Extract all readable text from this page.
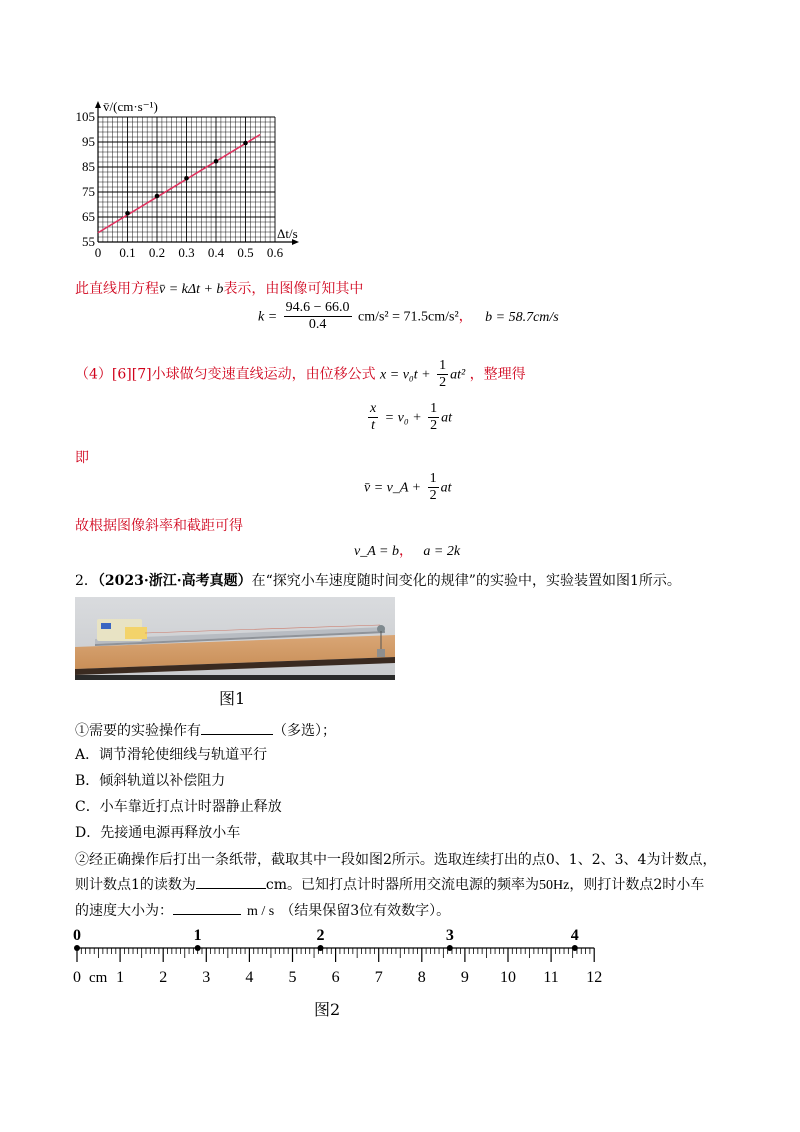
v̄/(cm·s⁻¹)
Δt/s
0 0.1 0.2 0.3 0.4 0.5 0.6
55
65
75
85
95
105
此直线用方程v̄ = kΔt + b表示，由图像可知其中
$k = \frac{94.6 - 66.0}{0.4} cm/s^2 = 71.5cm/s^2$， b = 58.7cm/s
（4）[6][7]小球做匀变速直线运动，由位移公式 $x = v_0t + \frac{1}{2} at^2$ ，整理得
$\frac{x}{t} = v_0 + \frac{1}{2}$ at
即
v̄ = v_A + $\frac{1}{2}$ at
故根据图像斜率和截距可得
v_A = b， a = 2k
2．（2023·浙江·高考真题）在“探究小车速度随时间变化的规律”的实验中，实验装置如图1所示。
图1
①需要的实验操作有	（多选）；
A．调节滑轮使细线与轨道平行
B．倾斜轨道以补偿阻力
C．小车靠近打点计时器静止释放
D．先接通电源再释放小车
②经正确操作后打出一条纸带，截取其中一段如图2所示。选取连续打出的点0、1、2、3、4为计数点，
则计数点1的读数为	cm。已知打点计时器所用交流电源的频率为50Hz，则打计数点2时小车
的速度大小为：	m / s （结果保留3位有效数字）。
0	1	2	3	4
0 1 2 3 4 5 6 7 8 9 10 11 12
cm
图2
